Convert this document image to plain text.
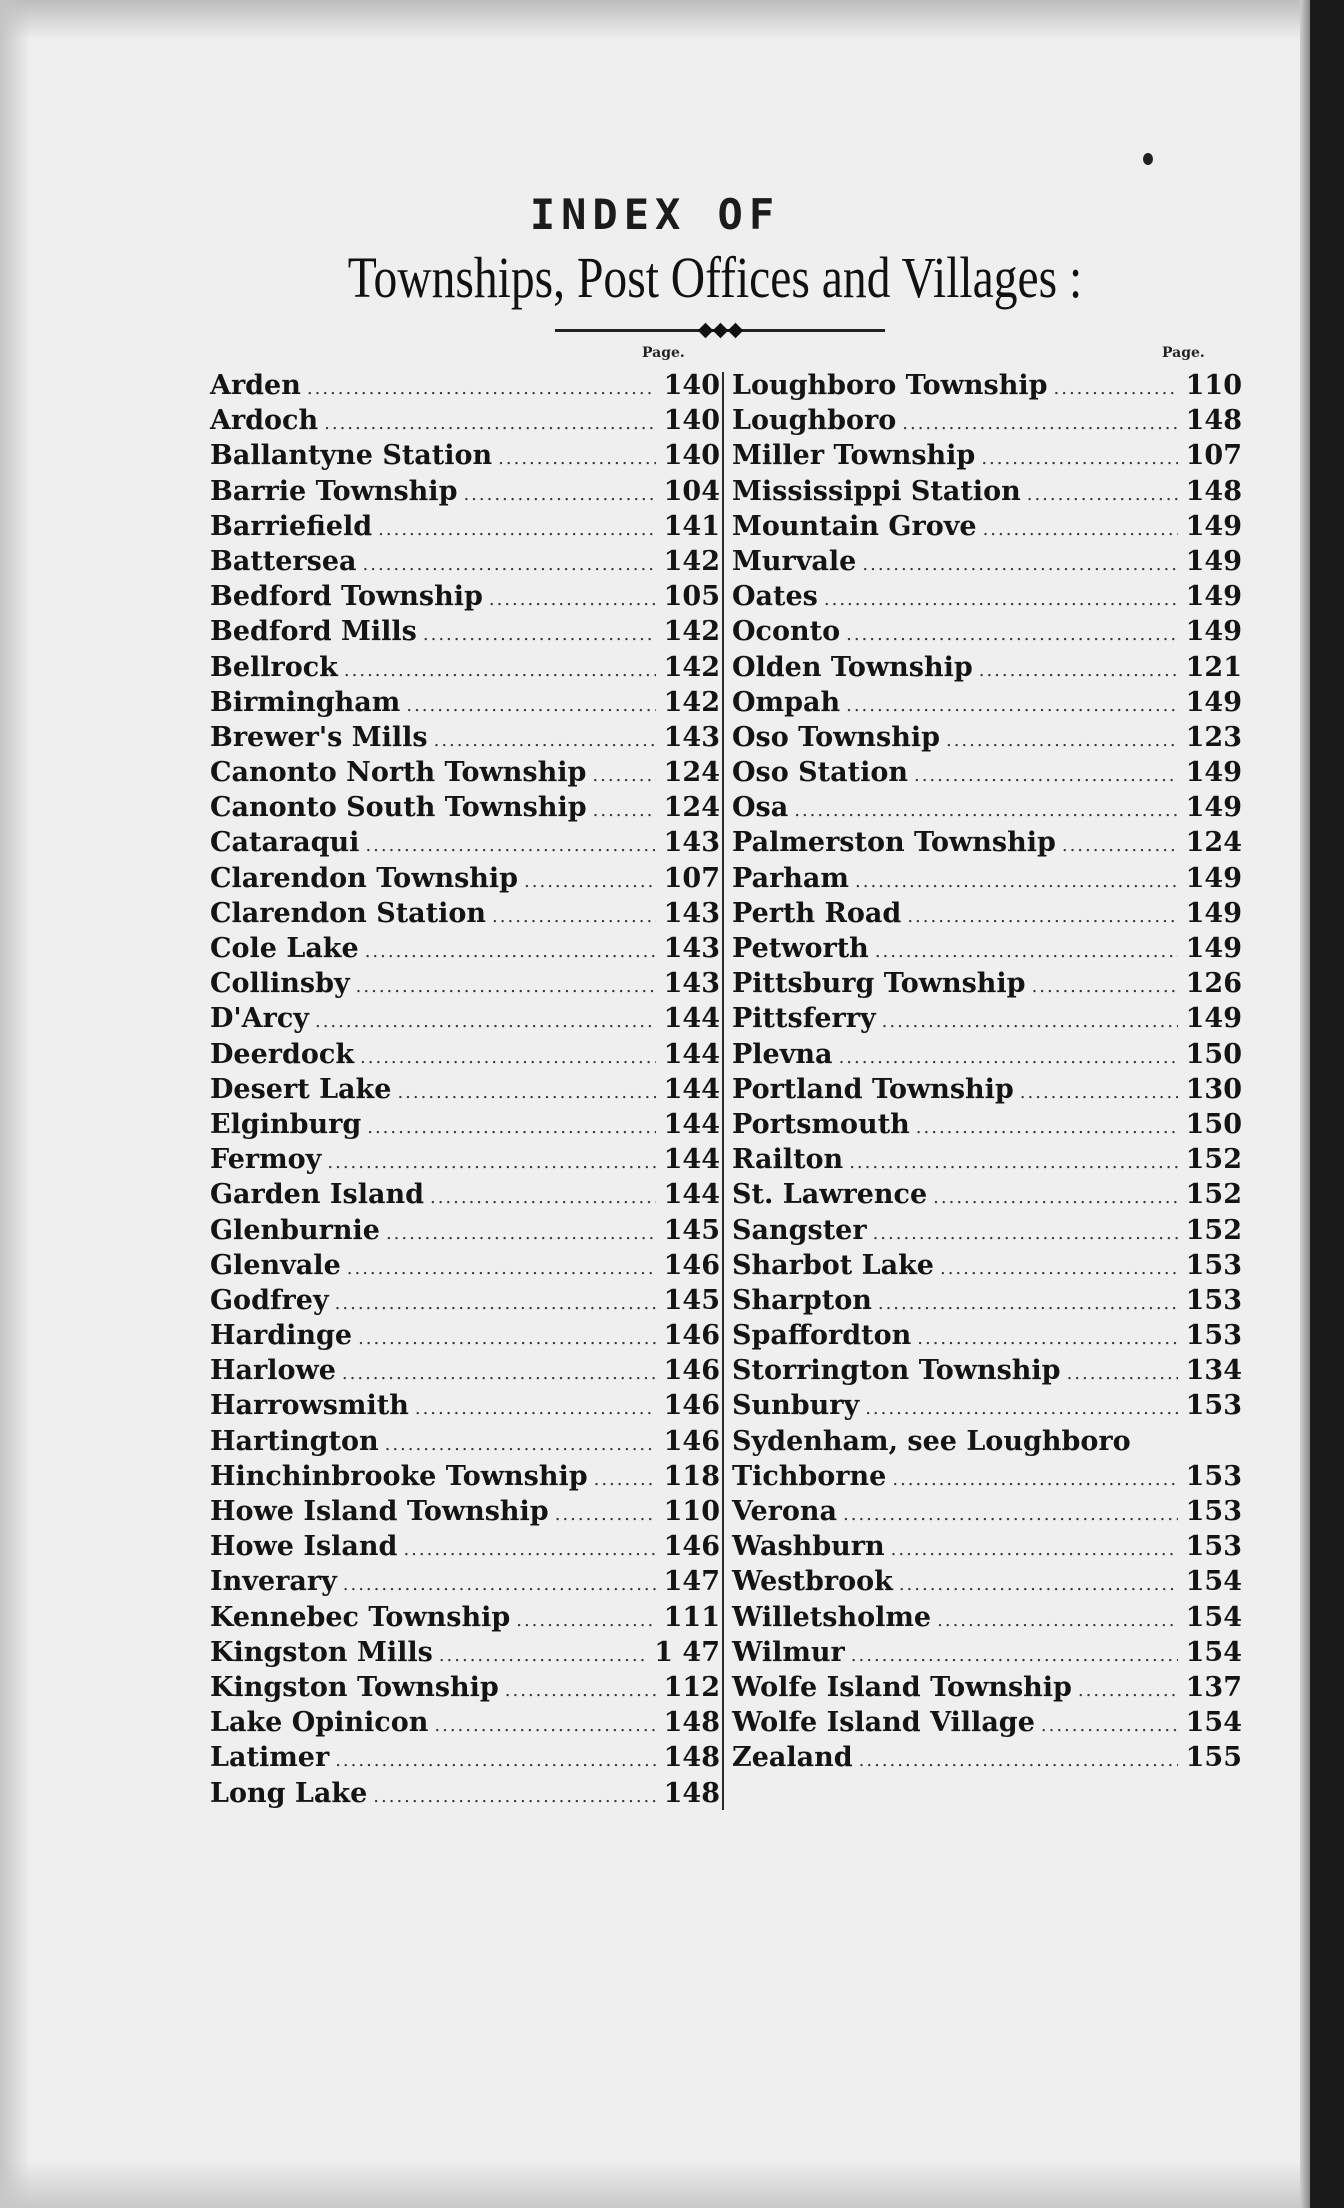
INDEX OF
Townships, Post Offices and Villages :
Page.
Arden .....	140
Ardoch .....	140
Ballantyne Station .....	140
Barrie Township .....	104
Barriefield .....	141
Battersea .....	142
Bedford Township .....	105
Bedford Mills .....	142
Bellrock .....	142
Birmingham .....	142
Brewer's Mills .....	143
Canonto North Township .....	124
Canonto South Township .....	124
Cataraqui .....	143
Clarendon Township .....	107
Clarendon Station .....	143
Cole Lake .....	143
Collinsby .....	143
D'Arcy .....	144
Deerdock .....	144
Desert Lake .....	144
Elginburg .....	144
Fermoy .....	144
Garden Island .....	144
Glenburnie .....	145
Glenvale .....	146
Godfrey .....	145
Hardinge .....	146
Harlowe .....	146
Harrowsmith .....	146
Hartington .....	146
Hinchinbrooke Township .....	118
Howe Island Township .....	110
Howe Island .....	146
Inverary .....	147
Kennebec Township .....	111
Kingston Mills .....	1 47
Kingston Township .....	112
Lake Opinicon .....	148
Latimer .....	148
Long Lake .....	148
Page.
Loughboro Township .....	110
Loughboro .....	148
Miller Township .....	107
Mississippi Station .....	148
Mountain Grove .....	149
Murvale .....	149
Oates .....	149
Oconto .....	149
Olden Township .....	121
Ompah .....	149
Oso Township .....	123
Oso Station .....	149
Osa .....	149
Palmerston Township .....	124
Parham .....	149
Perth Road .....	149
Petworth .....	149
Pittsburg Township .....	126
Pittsferry .....	149
Plevna .....	150
Portland Township .....	130
Portsmouth .....	150
Railton .....	152
St. Lawrence .....	152
Sangster .....	152
Sharbot Lake .....	153
Sharpton .....	153
Spaffordton .....	153
Storrington Township .....	134
Sunbury .....	153
Sydenham, see Loughboro
Tichborne .....	153
Verona .....	153
Washburn .....	153
Westbrook .....	154
Willetsholme .....	154
Wilmur .....	154
Wolfe Island Township .....	137
Wolfe Island Village .....	154
Zealand .....	155
